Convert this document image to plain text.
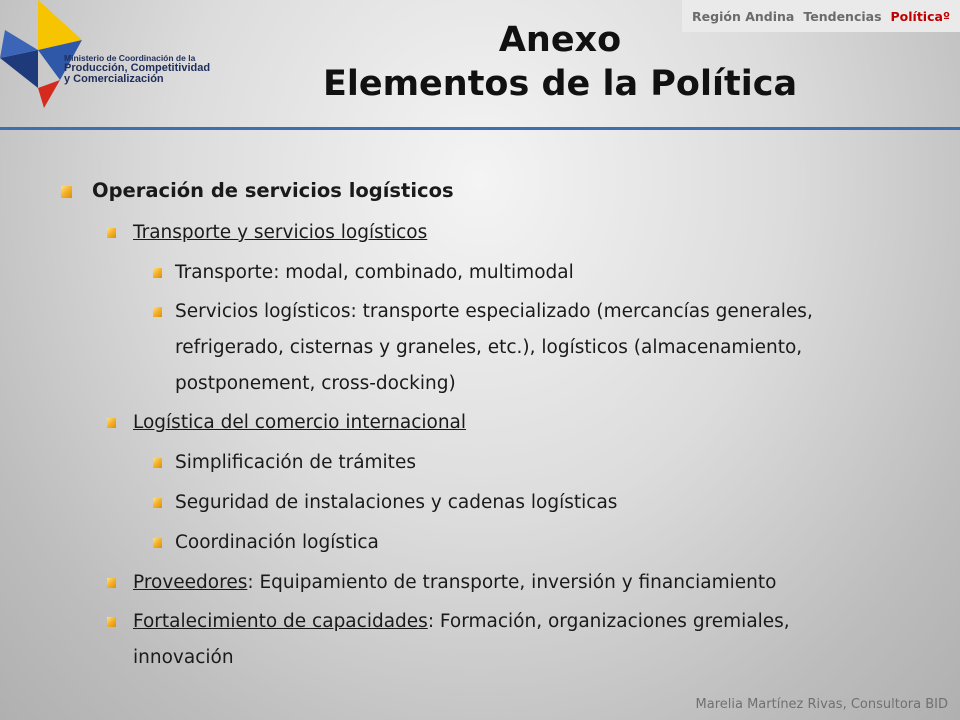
Ministerio de Coordinación de la
Producción, Competitividad
y Comercialización
Región Andina Tendencias Políticaº
Anexo
Elementos de la Política
Operación de servicios logísticos
Transporte y servicios logísticos
Transporte: modal, combinado, multimodal
Servicios logísticos: transporte especializado (mercancías generales,
refrigerado, cisternas y graneles, etc.), logísticos (almacenamiento,
postponement, cross-docking)
Logística del comercio internacional
Simplificación de trámites
Seguridad de instalaciones y cadenas logísticas
Coordinación logística
Proveedores: Equipamiento de transporte, inversión y financiamiento
Fortalecimiento de capacidades: Formación, organizaciones gremiales,
innovación
Marelia Martínez Rivas, Consultora BID
